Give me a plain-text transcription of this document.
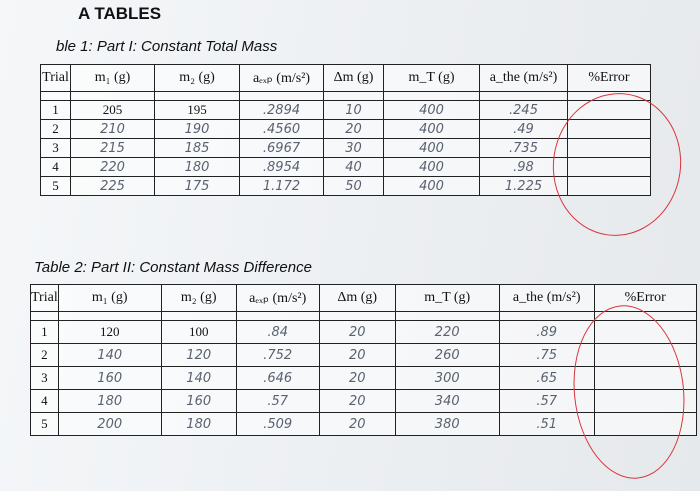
A TABLES
ble 1: Part I: Constant Total Mass
Trial	m₁ (g)	m₂ (g)	aₑₓₚ (m/s²)	Δm (g)	m_T (g)	a_the (m/s²)	%Error

1	205	195	.2894	10	400	.245	
2	210	190	.4560	20	400	.49	
3	215	185	.6967	30	400	.735	
4	220	180	.8954	40	400	.98	
5	225	175	1.172	50	400	1.225	
Table 2: Part II: Constant Mass Difference
Trial	m₁ (g)	m₂ (g)	aₑₓₚ (m/s²)	Δm (g)	m_T (g)	a_the (m/s²)	%Error

1	120	100	.84	20	220	.89	
2	140	120	.752	20	260	.75	
3	160	140	.646	20	300	.65	
4	180	160	.57	20	340	.57	
5	200	180	.509	20	380	.51	
